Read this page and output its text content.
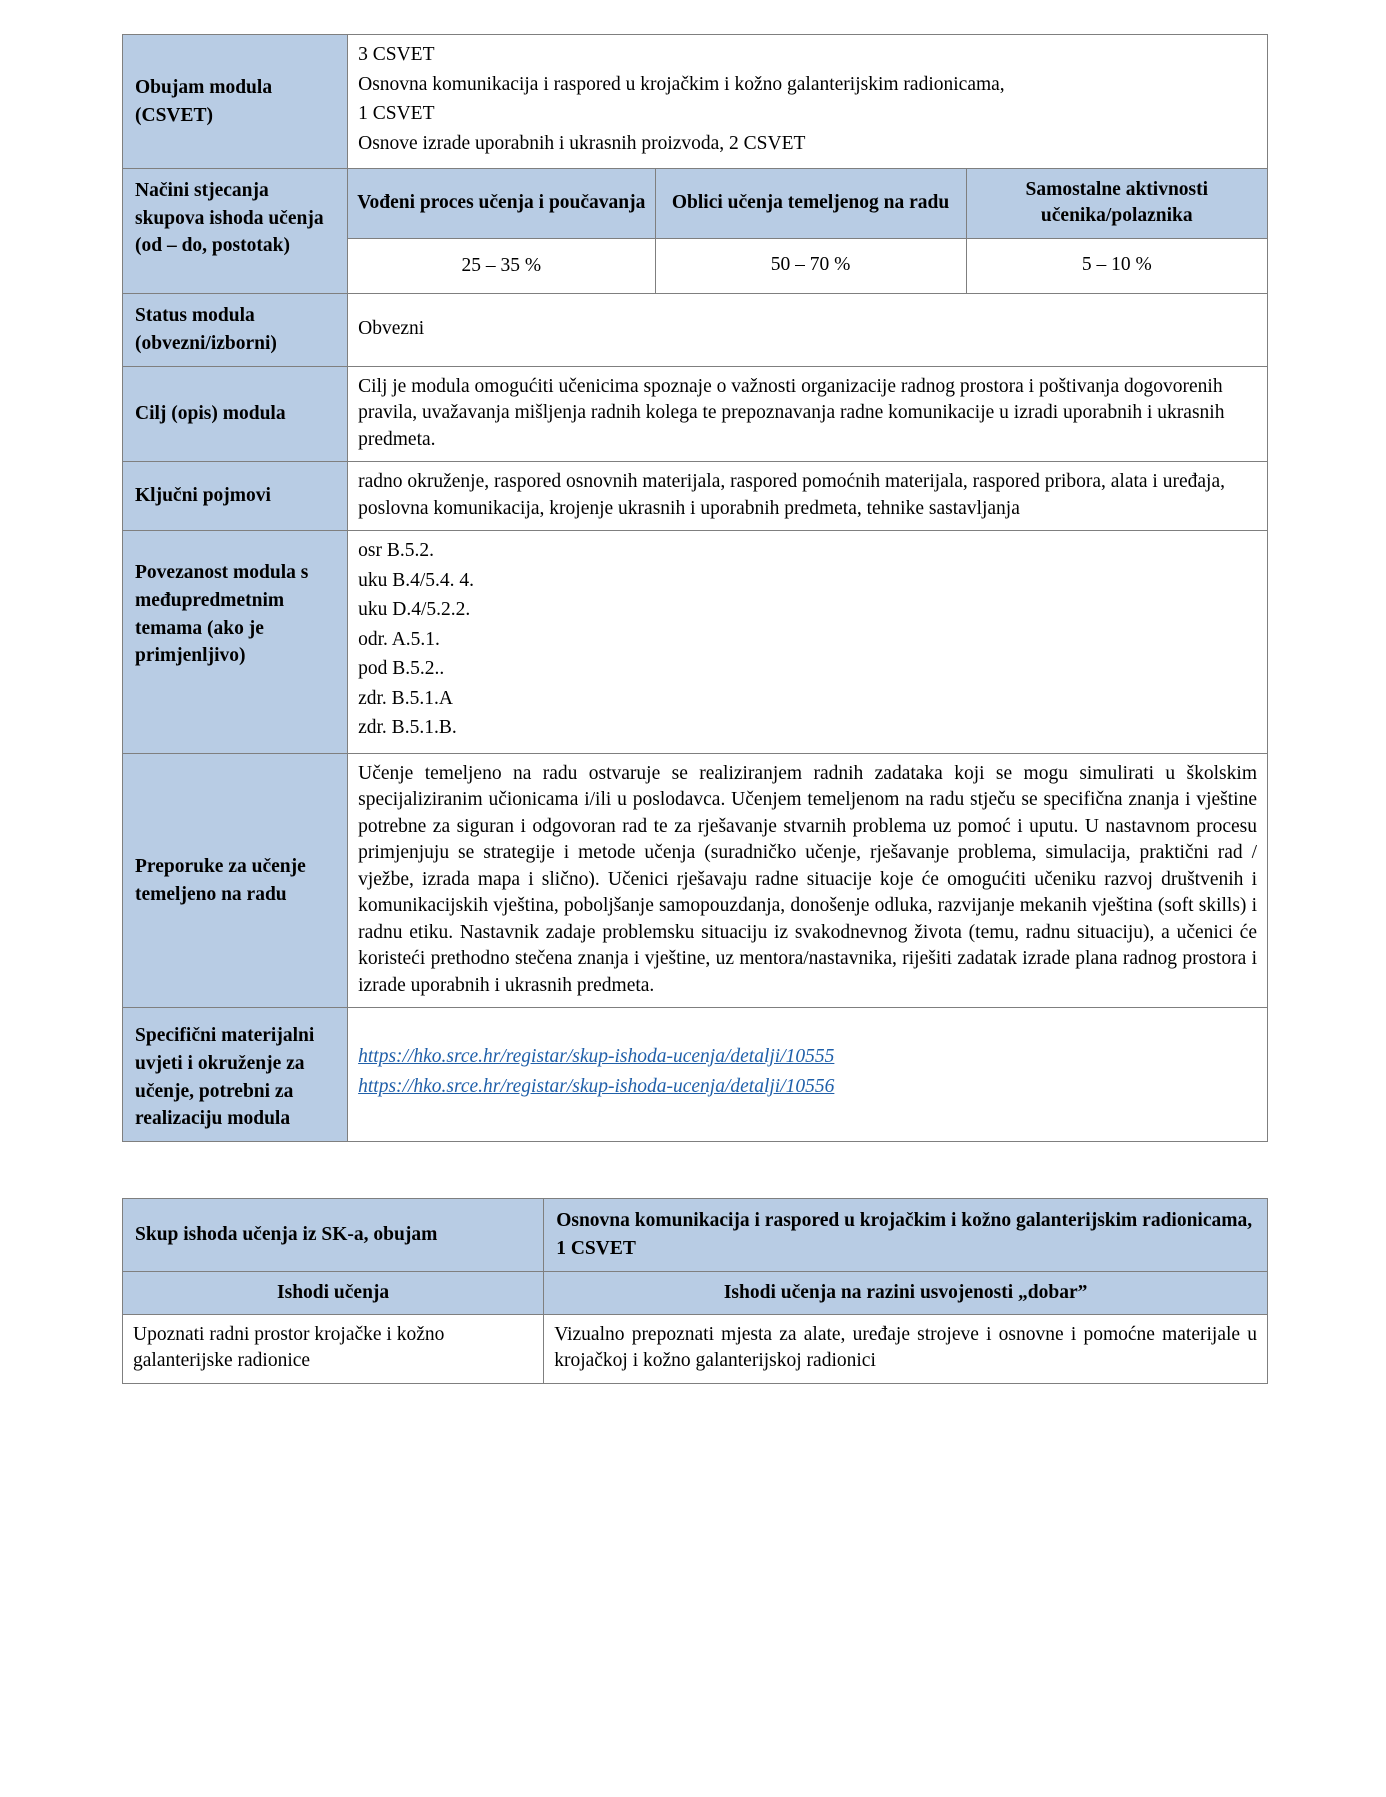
Obujam modula (CSVET)	3 CSVET

Osnovna komunikacija i raspored u krojačkim i kožno galanterijskim radionicama,

1 CSVET

Osnove izrade uporabnih i ukrasnih proizvoda, 2 CSVET		

Načini stjecanja skupova ishoda učenja (od – do, postotak)	Vođeni proces učenja i poučavanja	Oblici učenja temeljenog na radu	Samostalne aktivnosti učenika/polaznika
	25 – 35 %	50 – 70 %	5 – 10 %
Status modula (obvezni/izborni)	Obvezni		
Cilj (opis) modula	Cilj je modula omogućiti učenicima spoznaje o važnosti organizacije radnog prostora i poštivanja dogovorenih pravila, uvažavanja mišljenja radnih kolega te prepoznavanja radne komunikacije u izradi uporabnih i ukrasnih predmeta.		
Ključni pojmovi	radno okruženje, raspored osnovnih materijala, raspored pomoćnih materijala, raspored pribora, alata i uređaja, poslovna komunikacija, krojenje ukrasnih i uporabnih predmeta, tehnike sastavljanja		
Povezanost modula s međupredmetnim temama (ako je primjenljivo)	

osr B.5.2.

uku B.4/5.4. 4.

uku D.4/5.2.2.

odr. A.5.1.

pod B.5.2..

zdr. B.5.1.A

zdr. B.5.1.B.

Preporuke za učenje temeljeno na radu	Učenje temeljeno na radu ostvaruje se realiziranjem radnih zadataka koji se mogu simulirati u školskim specijaliziranim učionicama i/ili u poslodavca. Učenjem temeljenom na radu stječu se specifična znanja i vještine potrebne za siguran i odgovoran rad te za rješavanje stvarnih problema uz pomoć i uputu. U nastavnom procesu primjenjuju se strategije i metode učenja (suradničko učenje, rješavanje problema, simulacija, praktični rad / vježbe, izrada mapa i slično). Učenici rješavaju radne situacije koje će omogućiti učeniku razvoj društvenih i komunikacijskih vještina, poboljšanje samopouzdanja, donošenje odluka, razvijanje mekanih vještina (soft skills) i radnu etiku. Nastavnik zadaje problemsku situaciju iz svakodnevnog života (temu, radnu situaciju), a učenici će koristeći prethodno stečena znanja i vještine, uz mentora/nastavnika, riješiti zadatak izrade plana radnog prostora i izrade uporabnih i ukrasnih predmeta.		
Specifični materijalni uvjeti i okruženje za učenje, potrebni za realizaciju modula	https://hko.srce.hr/registar/skup-ishoda-ucenja/detalji/10555
https://hko.srce.hr/registar/skup-ishoda-ucenja/detalji/10556		
Skup ishoda učenja iz SK-a, obujam	Osnovna komunikacija i raspored u krojačkim i kožno galanterijskim radionicama, 1 CSVET
Ishodi učenja	Ishodi učenja na razini usvojenosti „dobar”
Upoznati radni prostor krojačke i kožno galanterijske radionice	Vizualno prepoznati mjesta za alate, uređaje strojeve i osnovne i pomoćne materijale u krojačkoj i kožno galanterijskoj radionici
